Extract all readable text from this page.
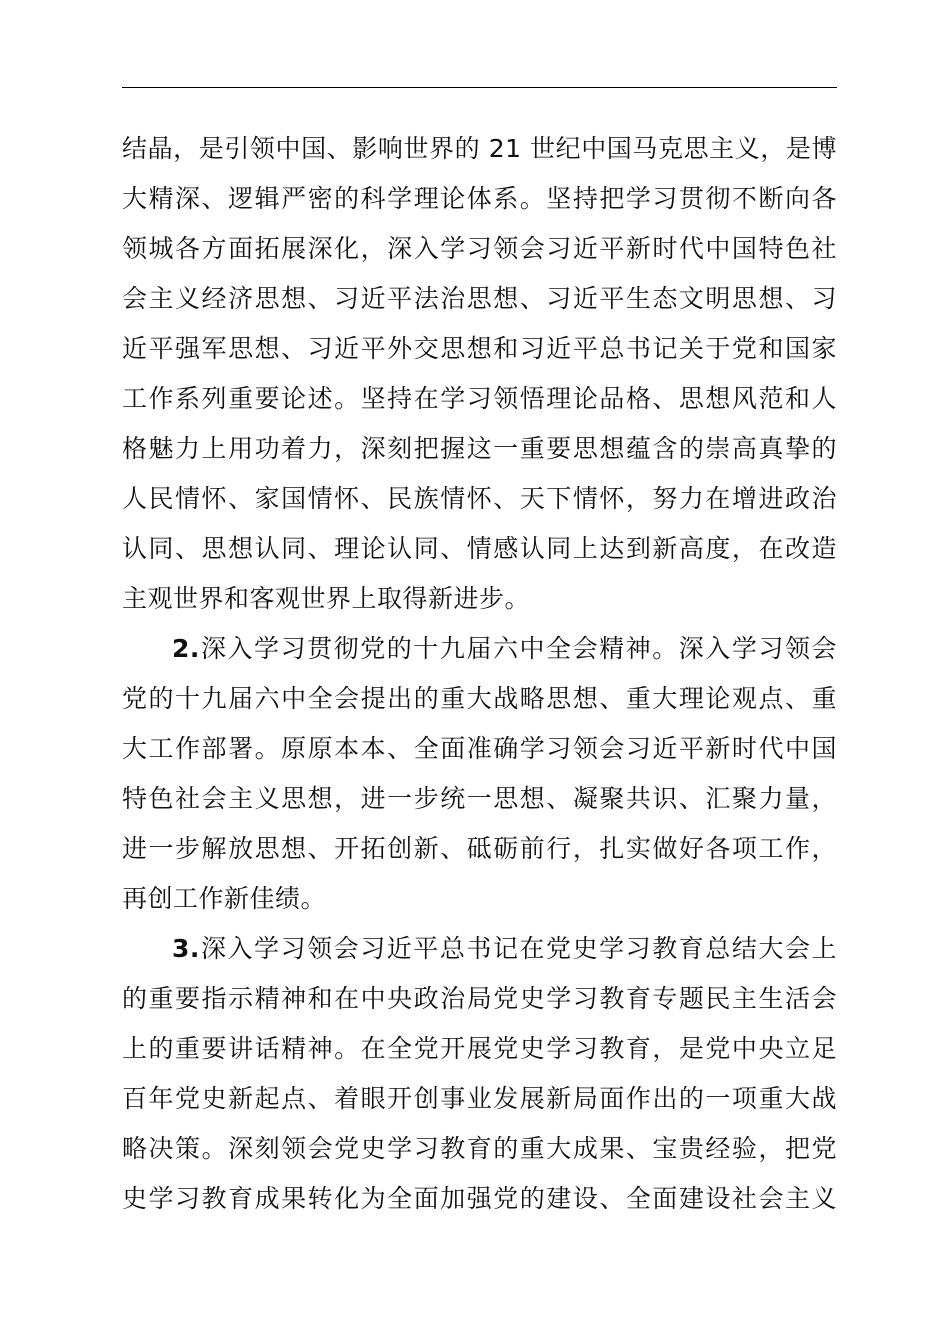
结晶，是引领中国、影响世界的 21 世纪中国马克思主义，是博
大精深、逻辑严密的科学理论体系。坚持把学习贯彻不断向各
领城各方面拓展深化，深入学习领会习近平新时代中国特色社
会主义经济思想、习近平法治思想、习近平生态文明思想、习
近平强军思想、习近平外交思想和习近平总书记关于党和国家
工作系列重要论述。坚持在学习领悟理论品格、思想风范和人
格魅力上用功着力，深刻把握这一重要思想蕴含的崇高真挚的
人民情怀、家国情怀、民族情怀、天下情怀，努力在增进政治
认同、思想认同、理论认同、情感认同上达到新高度，在改造
主观世界和客观世界上取得新进步。
2.深入学习贯彻党的十九届六中全会精神。深入学习领会
党的十九届六中全会提出的重大战略思想、重大理论观点、重
大工作部署。原原本本、全面准确学习领会习近平新时代中国
特色社会主义思想，进一步统一思想、凝聚共识、汇聚力量，
进一步解放思想、开拓创新、砥砺前行，扎实做好各项工作，
再创工作新佳绩。
3.深入学习领会习近平总书记在党史学习教育总结大会上
的重要指示精神和在中央政治局党史学习教育专题民主生活会
上的重要讲话精神。在全党开展党史学习教育，是党中央立足
百年党史新起点、着眼开创事业发展新局面作出的一项重大战
略决策。深刻领会党史学习教育的重大成果、宝贵经验，把党
史学习教育成果转化为全面加强党的建设、全面建设社会主义
